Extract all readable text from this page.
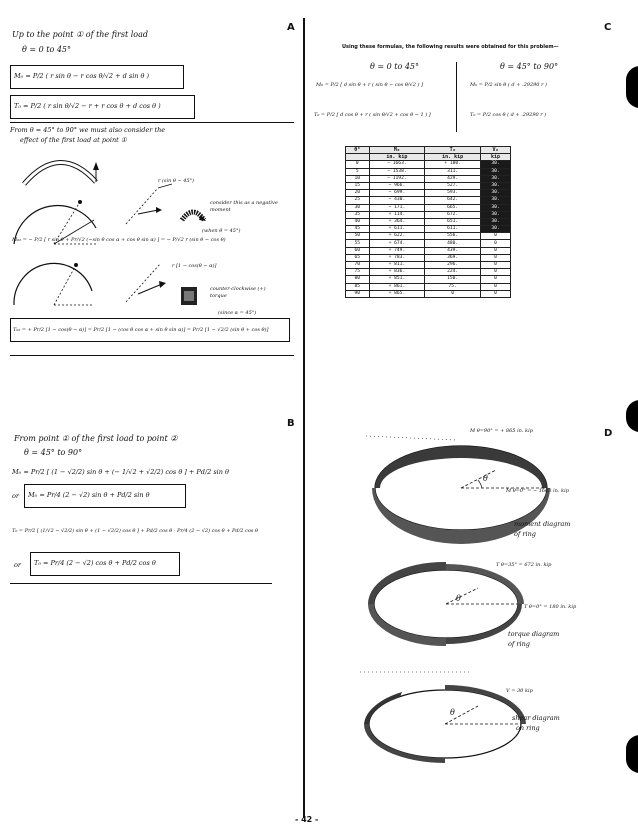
A
B
C
D
Up to the point ① of the first load
θ = 0 to 45°
M₀ = P/2 ( r sin θ − r cos θ/√2 + d sin θ )
T₀ = P/2 ( r sin θ/√2 − r + r cos θ + d cos θ )
From θ = 45° to 90° we must also consider the
effect of the first load at point ①
r (sin θ − 45°)
consider this as a negative moment
(when θ = 45°)
M₀₂ = − P/2 [ r sin θ + Pr/√2 (−sin θ cos α + cos θ sin α) ] = − P/√2 r (sin θ − cos θ)
r [1 − cos(θ − α)]
counter-clockwise (+) torque
(since α = 45°)
T₀₂ = + Pr/2 [1 − cos(θ − α)] = Pr/2 [1 − (cos θ cos α + sin θ sin α)] = Pr/2 [1 − √2/2 (sin θ + cos θ)]
From point ① of the first load to point ②
θ = 45° to 90°
M₀ = Pr/2 [ (1 − √2/2) sin θ + (− 1/√2 + √2/2) cos θ ] + Pd/2 sin θ
or M₀ = Pr/4 (2 − √2) sin θ + Pd/2 sin θ
T₀ = Pr/2 [ (1/√2 − √2/2) sin θ + (1 − √2/2) cos θ ] + Pd/2 cos θ · Pr/4 (2 − √2) cos θ + Pd/2 cos θ
or T₀ = Pr/4 (2 − √2) cos θ + Pd/2 cos θ
Using these formulas, the following results were obtained for this problem—
θ = 0 to 45°	θ = 45° to 90°
M₀ = P/2 [ d sin θ + r ( sin θ − cos θ/√2 ) ]	M₀ = P/2 sin θ ( d + .29290 r )
T₀ = P/2 [ d cos θ + r ( sin θ/√2 + cos θ − 1 ) ]	T₀ = P/2 cos θ ( d + .29290 r )
θ°	M₀	T₀	V₀
	in. kip	in. kip	kip
0	− 1663.	+ 180.	30.
5	− 1538.	311.	30.
10	− 1192.	429.	30.
15	− 966.	527.	30.
20	− 699.	593.	30.
25	− 430.	642.	30.
30	− 171.	665.	30.
35	+ 114.	672.	30.
40	+ 364.	651.	30.
45	+ 611.	611.	30.
50	+ 622.	556.	0
55	+ 674.	480.	0
60	+ 749.	439.	0
65	+ 783.	369.	0
70	+ 811.	296.	0
75	+ 836.	224.	0
80	+ 851.	150.	0
85	+ 861.	75.	0
90	+ 865.	0	0
θ
M θ=90° = + 865 in. kip
M θ=0° = − 1663 in. kip
moment diagram
of ring
θ
T θ=35° = 672 in. kip
T θ=0° = 180 in. kip
torque diagram
of ring
θ
V = 30 kip
shear diagram
on ring
- 42 -
